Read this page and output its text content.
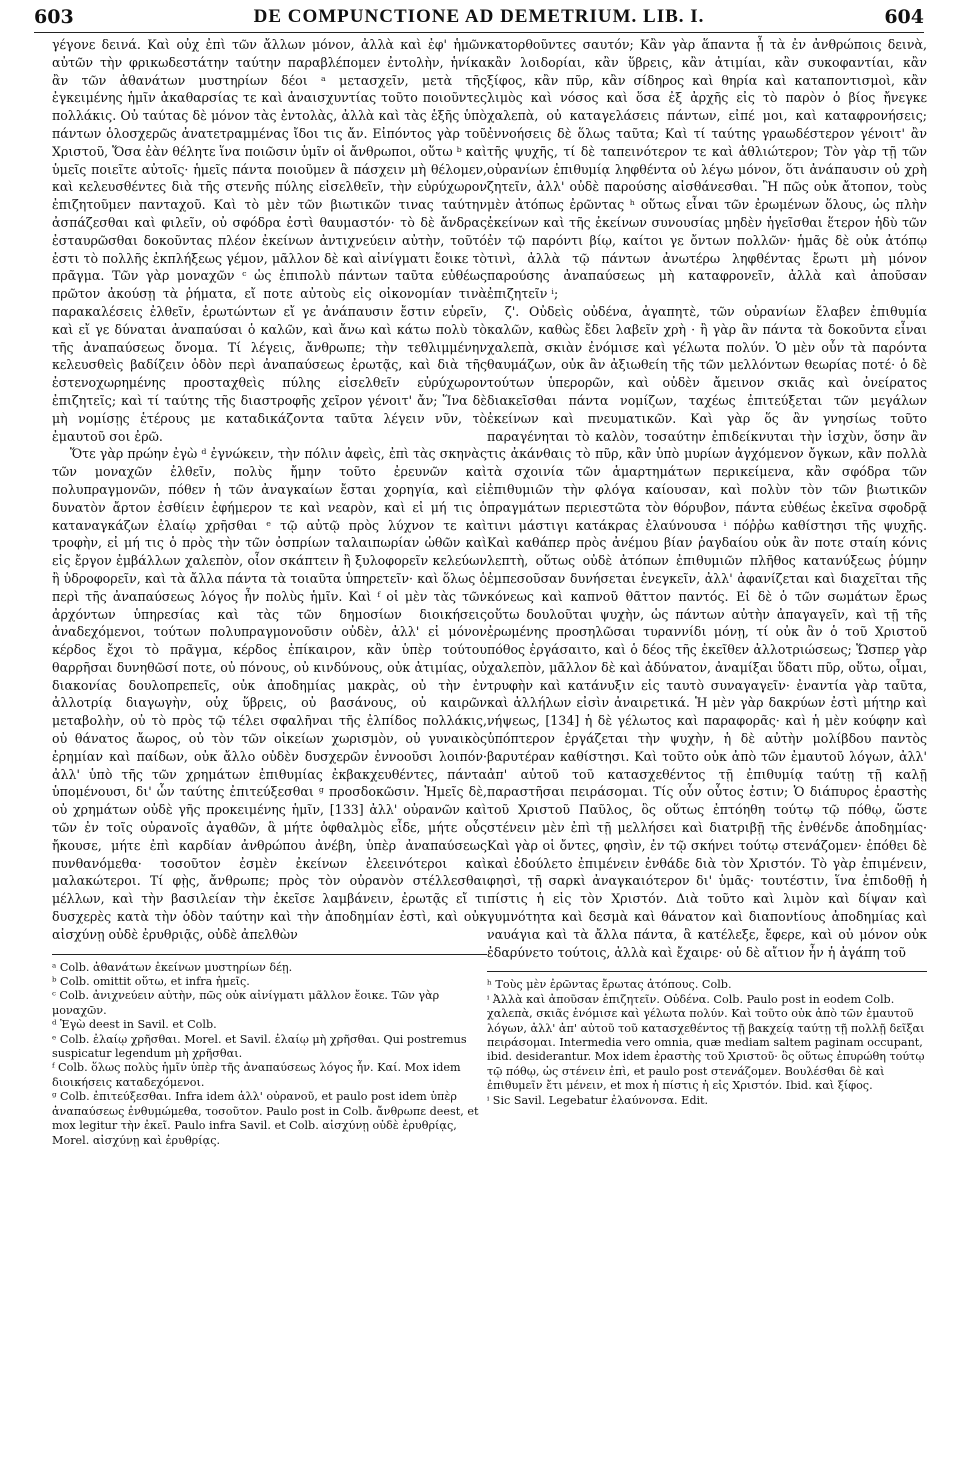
603	DE COMPUNCTIONE AD DEMETRIUM. LIB. I.	604

γέγονε δεινά. Καὶ οὐχ ἐπὶ τῶν ἄλλων μόνον, ἀλλὰ καὶ ἐφ' ἡμῶν αὐτῶν τὴν φρικωδεστάτην ταύτην παραβλέπομεν ἐντολὴν, ἡνίκα ἂν τῶν ἀθανάτων μυστηρίων δέοι ᵃ μετασχεῖν, μετὰ τῆς ἐγκειμένης ἡμῖν ἀκαθαρσίας τε καὶ ἀναισχυντίας τοῦτο ποιοῦντες πολλάκις. Οὐ ταύτας δὲ μόνον τὰς ἐντολὰς, ἀλλὰ καὶ τὰς ἑξῆς ὑπὸ πάντων ὁλοσχερῶς ἀνατετραμμένας ἴδοι τις ἄν. Εἰπόντος γὰρ τοῦ Χριστοῦ, Ὅσα ἐὰν θέλητε ἵνα ποιῶσιν ὑμῖν οἱ ἄνθρωποι, οὕτω ᵇ καὶ ὑμεῖς ποιεῖτε αὐτοῖς· ἡμεῖς πάντα ποιοῦμεν ἃ πάσχειν μὴ θέλομεν, καὶ κελευσθέντες διὰ τῆς στενῆς πύλης εἰσελθεῖν, τὴν εὐρύχωρον ἐπιζητοῦμεν πανταχοῦ. Καὶ τὸ μὲν τῶν βιωτικῶν τινας ταύτην ἀσπάζεσθαι καὶ φιλεῖν, οὐ σφόδρα ἐστὶ θαυμαστόν· τὸ δὲ ἄνδρας ἐσταυρῶσθαι δοκοῦντας πλέον ἐκείνων ἀντιχνεύειν αὐτὴν, τοῦτό ἐστι τὸ πολλῆς ἐκπλήξεως γέμον, μᾶλλον δὲ καὶ αἰνίγματι ἔοικε τὸ πρᾶγμα. Τῶν γὰρ μοναχῶν ᶜ ὡς ἐπιπολὺ πάντων ταῦτα εὐθέως πρῶτον ἀκούσῃ τὰ ῥήματα, εἴ ποτε αὐτοὺς εἰς οἰκονομίαν τινὰ παρακαλέσεις ἐλθεῖν, ἐρωτώντων εἴ γε ἀνάπαυσιν ἔστιν εὑρεῖν, καὶ εἴ γε δύναται ἀναπαύσαι ὁ καλῶν, καὶ ἄνω καὶ κάτω πολὺ τὸ τῆς ἀναπαύσεως ὄνομα. Τί λέγεις, ἄνθρωπε; τὴν τεθλιμμένην κελευσθεὶς βαδίζειν ὁδὸν περὶ ἀναπαύσεως ἐρωτᾷς, καὶ διὰ τῆς ἐστενοχωρημένης προσταχθεὶς πύλης εἰσελθεῖν εὐρύχωρον ἐπιζητεῖς; καὶ τί ταύτης τῆς διαστροφῆς χεῖρον γένοιτ' ἄν; Ἵνα δὲ μὴ νομίσῃς ἑτέρους με καταδικάζοντα ταῦτα λέγειν νῦν, τὸ ἐμαυτοῦ σοι ἐρῶ.

Ὅτε γὰρ πρώην ἐγὼ ᵈ ἐγνώκειν, τὴν πόλιν ἀφεὶς, ἐπὶ τὰς σκηνὰς τῶν μοναχῶν ἐλθεῖν, πολὺς ἤμην τοῦτο ἐρευνῶν καὶ πολυπραγμονῶν, πόθεν ἡ τῶν ἀναγκαίων ἔσται χορηγία, καὶ εἰ δυνατὸν ἄρτον ἐσθίειν ἐφήμερον τε καὶ νεαρὸν, καὶ εἰ μή τις ὁ καταναγκάζων ἐλαίῳ χρῆσθαι ᵉ τῷ αὐτῷ πρὸς λύχνον τε καὶ τροφὴν, εἰ μή τις ὁ πρὸς τὴν τῶν ὀσπρίων ταλαιπωρίαν ὠθῶν καὶ εἰς ἔργον ἐμβάλλων χαλεπὸν, οἷον σκάπτειν ἢ ξυλοφορεῖν κελεύων ἢ ὑδροφορεῖν, καὶ τὰ ἄλλα πάντα τὰ τοιαῦτα ὑπηρετεῖν· καὶ ὅλως ὁ περὶ τῆς ἀναπαύσεως λόγος ἦν πολὺς ἡμῖν. Καὶ ᶠ οἱ μὲν τὰς τῶν ἀρχόντων ὑπηρεσίας καὶ τὰς τῶν δημοσίων διοικήσεις ἀναδεχόμενοι, τούτων πολυπραγμονοῦσιν οὐδὲν, ἀλλ' εἰ μόνον κέρδος ἔχοι τὸ πρᾶγμα, κέρδος ἐπίκαιρον, κἂν ὑπὲρ τούτου θαρρῆσαι δυνηθῶσί ποτε, οὐ πόνους, οὐ κινδύνους, οὐκ ἀτιμίας, οὐ διακονίας δουλοπρεπεῖς, οὐκ ἀποδημίας μακρὰς, οὐ τὴν ἐν ἀλλοτρίᾳ διαγωγὴν, οὐχ ὕβρεις, οὐ βασάνους, οὐ καιρῶν μεταβολὴν, οὐ τὸ πρὸς τῷ τέλει σφαλῆναι τῆς ἐλπίδος πολλάκις, οὐ θάνατος ἄωρος, οὐ τὸν τῶν οἰκείων χωρισμὸν, οὐ γυναικὸς ἐρημίαν καὶ παίδων, οὐκ ἄλλο οὐδὲν δυσχερῶν ἐννοοῦσι λοιπόν· ἀλλ' ὑπὸ τῆς τῶν χρημάτων ἐπιθυμίας ἐκβακχευθέντες, πάντα ὑπομένουσι, δι' ὧν ταύτης ἐπιτεύξεσθαι ᵍ προσδοκῶσιν. Ἡμεῖς δὲ, οὐ χρημάτων οὐδὲ γῆς προκειμένης ἡμῖν, [133] ἀλλ' οὐρανῶν καὶ τῶν ἐν τοῖς οὐρανοῖς ἀγαθῶν, ἃ μήτε ὀφθαλμὸς εἶδε, μήτε οὖς ἤκουσε, μήτε ἐπὶ καρδίαν ἀνθρώπου ἀνέβη, ὑπὲρ ἀναπαύσεως πυνθανόμεθα· τοσοῦτον ἐσμὲν ἐκείνων ἐλεεινότεροι καὶ μαλακώτεροι. Τί φῂς, ἄνθρωπε; πρὸς τὸν οὐρανὸν στέλλεσθαι μέλλων, καὶ τὴν βασιλείαν τὴν ἐκεῖσε λαμβάνειν, ἐρωτᾷς εἴ τι δυσχερὲς κατὰ τὴν ὁδὸν ταύτην καὶ τὴν ἀποδημίαν ἐστὶ, καὶ οὐκ αἰσχύνῃ οὐδὲ ἐρυθριᾷς, οὐδὲ ἀπελθὼν

ᵃ Colb. ἀθανάτων ἐκείνων μυστηρίων δέῃ.
ᵇ Colb. omittit οὕτω, et infra ἡμεῖς.
ᶜ Colb. ἀνιχνεύειν αὐτὴν, πῶς οὐκ αἰνίγματι μᾶλλον ἔοικε. Τῶν γὰρ μοναχῶν.
ᵈ Ἐγὼ deest in Savil. et Colb.
ᵉ Colb. ἐλαίῳ χρῆσθαι. Morel. et Savil. ἐλαίῳ μὴ χρῆσθαι. Qui postremus suspicatur legendum μὴ χρῆσθαι.
ᶠ Colb. ὅλως πολὺς ἡμῖν ὑπὲρ τῆς ἀναπαύσεως λόγος ἦν. Καί. Mox idem διοικήσεις καταδεχόμενοι.
ᵍ Colb. ἐπιτεύξεσθαι. Infra idem ἀλλ' οὐρανοῦ, et paulo post idem ὑπὲρ ἀναπαύσεως ἐνθυμώμεθα, τοσοῦτον. Paulo post in Colb. ἄνθρωπε deest, et mox legitur τὴν ἐκεῖ. Paulo infra Savil. et Colb. αἰσχύνῃ οὐδὲ ἐρυθρίᾳς, Morel. αἰσχύνῃ καὶ ἐρυθρίᾳς.

κατορθοῦντες σαυτόν; Κἂν γὰρ ἅπαντα ᾖ τὰ ἐν ἀνθρώποις δεινὰ, κἂν λοιδορίαι, κἂν ὕβρεις, κἂν ἀτιμίαι, κἂν συκοφαντίαι, κἂν ξίφος, κἂν πῦρ, κἂν σίδηρος καὶ θηρία καὶ καταποντισμοὶ, κἂν λιμὸς καὶ νόσος καὶ ὅσα ἐξ ἀρχῆς εἰς τὸ παρὸν ὁ βίος ἤνεγκε χαλεπὰ, οὐ καταγελάσεις πάντων, εἰπέ μοι, καὶ καταφρονήσεις; ἐννοήσεις δὲ ὅλως ταῦτα; Καὶ τί ταύτης γραωδέστερον γένοιτ' ἂν τῆς ψυχῆς, τί δὲ ταπεινότερον τε καὶ ἀθλιώτερον; Τὸν γὰρ τῇ τῶν οὐρανίων ἐπιθυμίᾳ ληφθέντα οὐ λέγω μόνον, ὅτι ἀνάπαυσιν οὐ χρὴ ζητεῖν, ἀλλ' οὐδὲ παρούσης αἰσθάνεσθαι. Ἢ πῶς οὐκ ἄτοπον, τοὺς μὲν ἀτόπως ἐρῶντας ʰ οὕτως εἶναι τῶν ἐρωμένων ὅλους, ὡς πλὴν ἐκείνων καὶ τῆς ἐκείνων συνουσίας μηδὲν ἡγεῖσθαι ἕτερον ἡδὺ τῶν ἐν τῷ παρόντι βίῳ, καίτοι γε ὄντων πολλῶν· ἡμᾶς δὲ οὐκ ἀτόπῳ τινὶ, ἀλλὰ τῷ πάντων ἀνωτέρω ληφθέντας ἔρωτι μὴ μόνον παρούσης ἀναπαύσεως μὴ καταφρονεῖν, ἀλλὰ καὶ ἀποῦσαν ἐπιζητεῖν ⁱ;

ζ'. Οὐδεὶς οὐδένα, ἀγαπητὲ, τῶν οὐρανίων ἔλαβεν ἐπιθυμία καλῶν, καθὼς ἔδει λαβεῖν χρὴ · ἢ γὰρ ἂν πάντα τὰ δοκοῦντα εἶναι χαλεπὰ, σκιὰν ἐνόμισε καὶ γέλωτα πολύν. Ὁ μὲν οὖν τὰ παρόντα θαυμάζων, οὐκ ἂν ἀξιωθείη τῆς τῶν μελλόντων θεωρίας ποτέ· ὁ δὲ τούτων ὑπερορῶν, καὶ οὐδὲν ἄμεινον σκιᾶς καὶ ὀνείρατος διακεῖσθαι πάντα νομίζων, ταχέως ἐπιτεύξεται τῶν μεγάλων ἐκείνων καὶ πνευματικῶν. Καὶ γὰρ ὅς ἂν γνησίως τοῦτο παραγένηται τὸ καλὸν, τοσαύτην ἐπιδείκνυται τὴν ἰσχὺν, ὅσην ἂν τις ἀκάνθαις τὸ πῦρ, κἂν ὑπὸ μυρίων ἀγχόμενον ὄγκων, κἂν πολλὰ τὰ σχοινία τῶν ἁμαρτημάτων περικείμενα, κἂν σφόδρα τῶν ἐπιθυμιῶν τὴν φλόγα καίουσαν, καὶ πολὺν τὸν τῶν βιωτικῶν πραγμάτων περιεστῶτα τὸν θόρυβον, πάντα εὐθέως ἐκεῖνα σφοδρᾷ τινι μάστιγι κατάκρας ἐλαύνουσα ⁱ πόῤῥω καθίστησι τῆς ψυχῆς. Καὶ καθάπερ πρὸς ἀνέμου βίαν ῥαγδαίου οὐκ ἂν ποτε σταίη κόνις λεπτὴ, οὕτως οὐδὲ ἀτόπων ἐπιθυμιῶν πλῆθος κατανύξεως ῥύμην ἐμπεσοῦσαν δυνήσεται ἐνεγκεῖν, ἀλλ' ἀφανίζεται καὶ διαχεῖται τῆς κόνεως καὶ καπνοῦ θᾶττον παντός. Εἰ δὲ ὁ τῶν σωμάτων ἔρως οὕτω δουλοῦται ψυχὴν, ὡς πάντων αὐτὴν ἀπαγαγεῖν, καὶ τῇ τῆς ἐρωμένης προσηλῶσαι τυραννίδι μόνῃ, τί οὐκ ἂν ὁ τοῦ Χριστοῦ πόθος ἐργάσαιτο, καὶ ὁ δέος τῆς ἐκεῖθεν ἀλλοτριώσεως; Ὥσπερ γὰρ χαλεπὸν, μᾶλλον δὲ καὶ ἀδύνατον, ἀναμίξαι ὕδατι πῦρ, οὕτω, οἶμαι, τρυφὴν καὶ κατάνυξιν εἰς ταυτὸ συναγαγεῖν· ἐναντία γὰρ ταῦτα, καὶ ἀλλήλων εἰσὶν ἀναιρετικά. Ἡ μὲν γὰρ δακρύων ἐστὶ μήτηρ καὶ νήψεως, [134] ἡ δὲ γέλωτος καὶ παραφορᾶς· καὶ ἡ μὲν κούφην καὶ ὑπόπτερον ἐργάζεται τὴν ψυχὴν, ἡ δὲ αὐτὴν μολίβδου παντὸς βαρυτέραν καθίστησι. Καὶ τοῦτο οὐκ ἀπὸ τῶν ἐμαυτοῦ λόγων, ἀλλ' ἀπ' αὐτοῦ τοῦ κατασχεθέντος τῇ ἐπιθυμίᾳ ταύτῃ τῇ καλῇ παραστῆσαι πειράσομαι. Τίς οὗν οὗτος ἐστιν; Ὁ διάπυρος ἐραστὴς τοῦ Χριστοῦ Παῦλος, ὃς οὕτως ἐπτόηθη τούτῳ τῷ πόθῳ, ὥστε στένειν μὲν ἐπὶ τῇ μελλήσει καὶ διατριβῇ τῆς ἐνθένδε ἀποδημίας· Καὶ γὰρ οἱ ὄντες, φησὶν, ἐν τῷ σκήνει τούτῳ στενάζομεν· ἐπόθει δὲ καὶ ἐδούλετο ἐπιμένειν ἐνθάδε διὰ τὸν Χριστόν. Τὸ γὰρ ἐπιμένειν, φησὶ, τῇ σαρκὶ ἀναγκαιότερον δι' ὑμᾶς· τουτέστιν, ἵνα ἐπιδοθῇ ἡ πίστις ἡ εἰς τὸν Χριστόν. Διὰ τοῦτο καὶ λιμὸν καὶ δίψαν καὶ γυμνότητα καὶ δεσμὰ καὶ θάνατον καὶ διαπονtίους ἀποδημίας καὶ ναυάγια καὶ τὰ ἄλλα πάντα, ἃ κατέλεξε, ἔφερε, καὶ οὐ μόνον οὐκ ἐδαρύνετο τούτοις, ἀλλὰ καὶ ἔχαιρε· οὐ δὲ αἴτιον ἦν ἡ ἀγάπη τοῦ

ʰ Τοὺς μὲν ἐρῶντας ἔρωτας ἀτόπους. Colb.
ⁱ Ἀλλὰ καὶ ἀποῦσαν ἐπιζητεῖν. Οὐδένα. Colb. Paulo post in eodem Colb. χαλεπὰ, σκιᾶς ἐνόμισε καὶ γέλωτα πολύν. Καὶ τοῦτο οὐκ ἀπὸ τῶν ἐμαυτοῦ λόγων, ἀλλ' ἀπ' αὐτοῦ τοῦ κατασχεθέντος τῇ βακχείᾳ ταύτῃ τῇ πολλῇ δεῖξαι πειράσομαι. Intermedia vero omnia, quæ mediam saltem paginam occupant, ibid. desiderantur. Mox idem ἐραστὴς τοῦ Χριστοῦ· ὃς οὕτως ἐπυρώθη τούτῳ τῷ πόθῳ, ὡς στένειν ἐπὶ, et paulo post στενάζομεν. Βουλέσθαι δὲ καὶ ἐπιθυμεῖν ἔτι μένειν, et mox ἡ πίστις ἡ εἰς Χριστόν. Ibid. καὶ ξίφος.
ⁱ Sic Savil. Legebatur ἐλαύνονσα. Edit.
